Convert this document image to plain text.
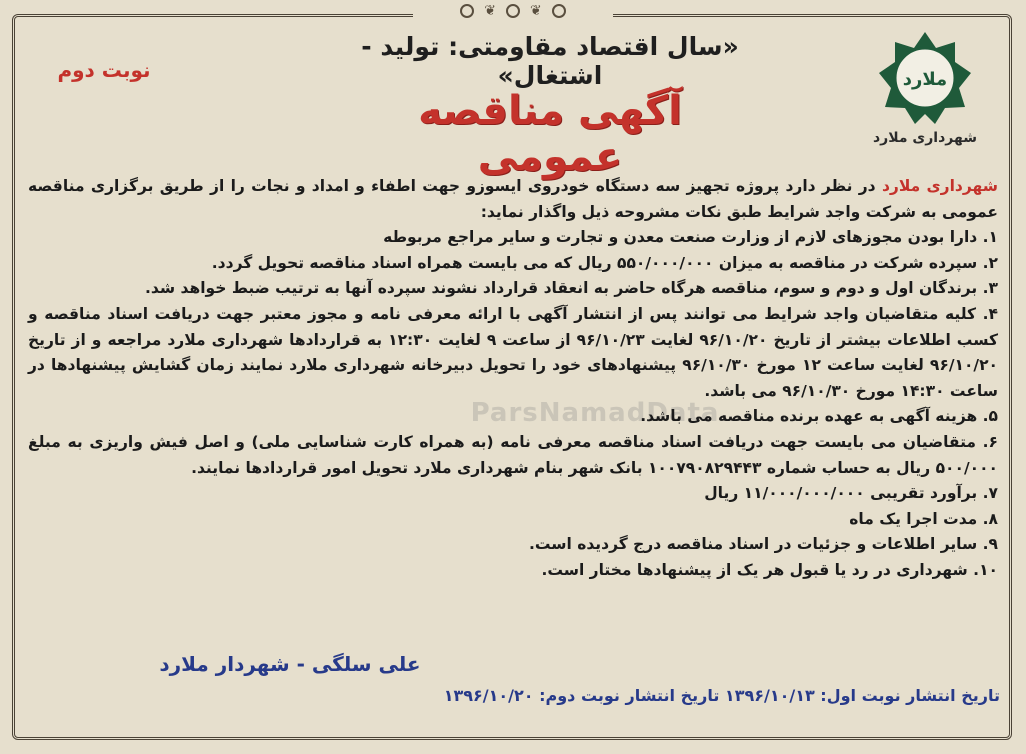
❦ ❦
ملارد
شهرداری ملارد
«سال اقتصاد مقاومتی: تولید - اشتغال»
نوبت دوم
آگهی مناقصه عمومی
ParsNamadData

شهرداری ملارد در نظر دارد پروژه تجهیز سه دستگاه خودروی ایسوزو جهت اطفاء و امداد و نجات را از طریق برگزاری مناقصه عمومی به شرکت واجد شرایط طبق نکات مشروحه ذیل واگذار نماید:

۱. دارا بودن مجوزهای لازم از وزارت صنعت معدن و تجارت و سایر مراجع مربوطه
۲. سپرده شرکت در مناقصه به میزان ۵۵۰/۰۰۰/۰۰۰ ریال که می بایست همراه اسناد مناقصه تحویل گردد.
۳. برندگان اول و دوم و سوم، مناقصه هرگاه حاضر به انعقاد قرارداد نشوند سپرده آنها به ترتیب ضبط خواهد شد.
۴. کلیه متقاضیان واجد شرایط می توانند پس از انتشار آگهی با ارائه معرفی نامه و مجوز معتبر جهت دریافت اسناد مناقصه و کسب اطلاعات بیشتر از تاریخ ۹۶/۱۰/۲۰ لغایت ۹۶/۱۰/۲۳ از ساعت ۹ لغایت ۱۲:۳۰ به قراردادها شهرداری ملارد مراجعه و از تاریخ ۹۶/۱۰/۲۰ لغایت ساعت ۱۲ مورخ ۹۶/۱۰/۳۰ پیشنهادهای خود را تحویل دبیرخانه شهرداری ملارد نمایند زمان گشایش پیشنهادها در ساعت ۱۴:۳۰ مورخ ۹۶/۱۰/۳۰ می باشد.
۵. هزینه آگهی به عهده برنده مناقصه می باشد.
۶. متقاضیان می بایست جهت دریافت اسناد مناقصه معرفی نامه (به همراه کارت شناسایی ملی) و اصل فیش واریزی به مبلغ ۵۰۰/۰۰۰ ریال به حساب شماره ۱۰۰۷۹۰۸۲۹۴۴۳ بانک شهر بنام شهرداری ملارد تحویل امور قراردادها نمایند.
۷. برآورد تقریبی ۱۱/۰۰۰/۰۰۰/۰۰۰ ریال
۸. مدت اجرا یک ماه
۹. سایر اطلاعات و جزئیات در اسناد مناقصه درج گردیده است.
۱۰. شهرداری در رد یا قبول هر یک از پیشنهادها مختار است.
علی سلگی - شهردار ملارد
تاریخ انتشار نوبت اول: ۱۳۹۶/۱۰/۱۳ تاریخ انتشار نوبت دوم: ۱۳۹۶/۱۰/۲۰
